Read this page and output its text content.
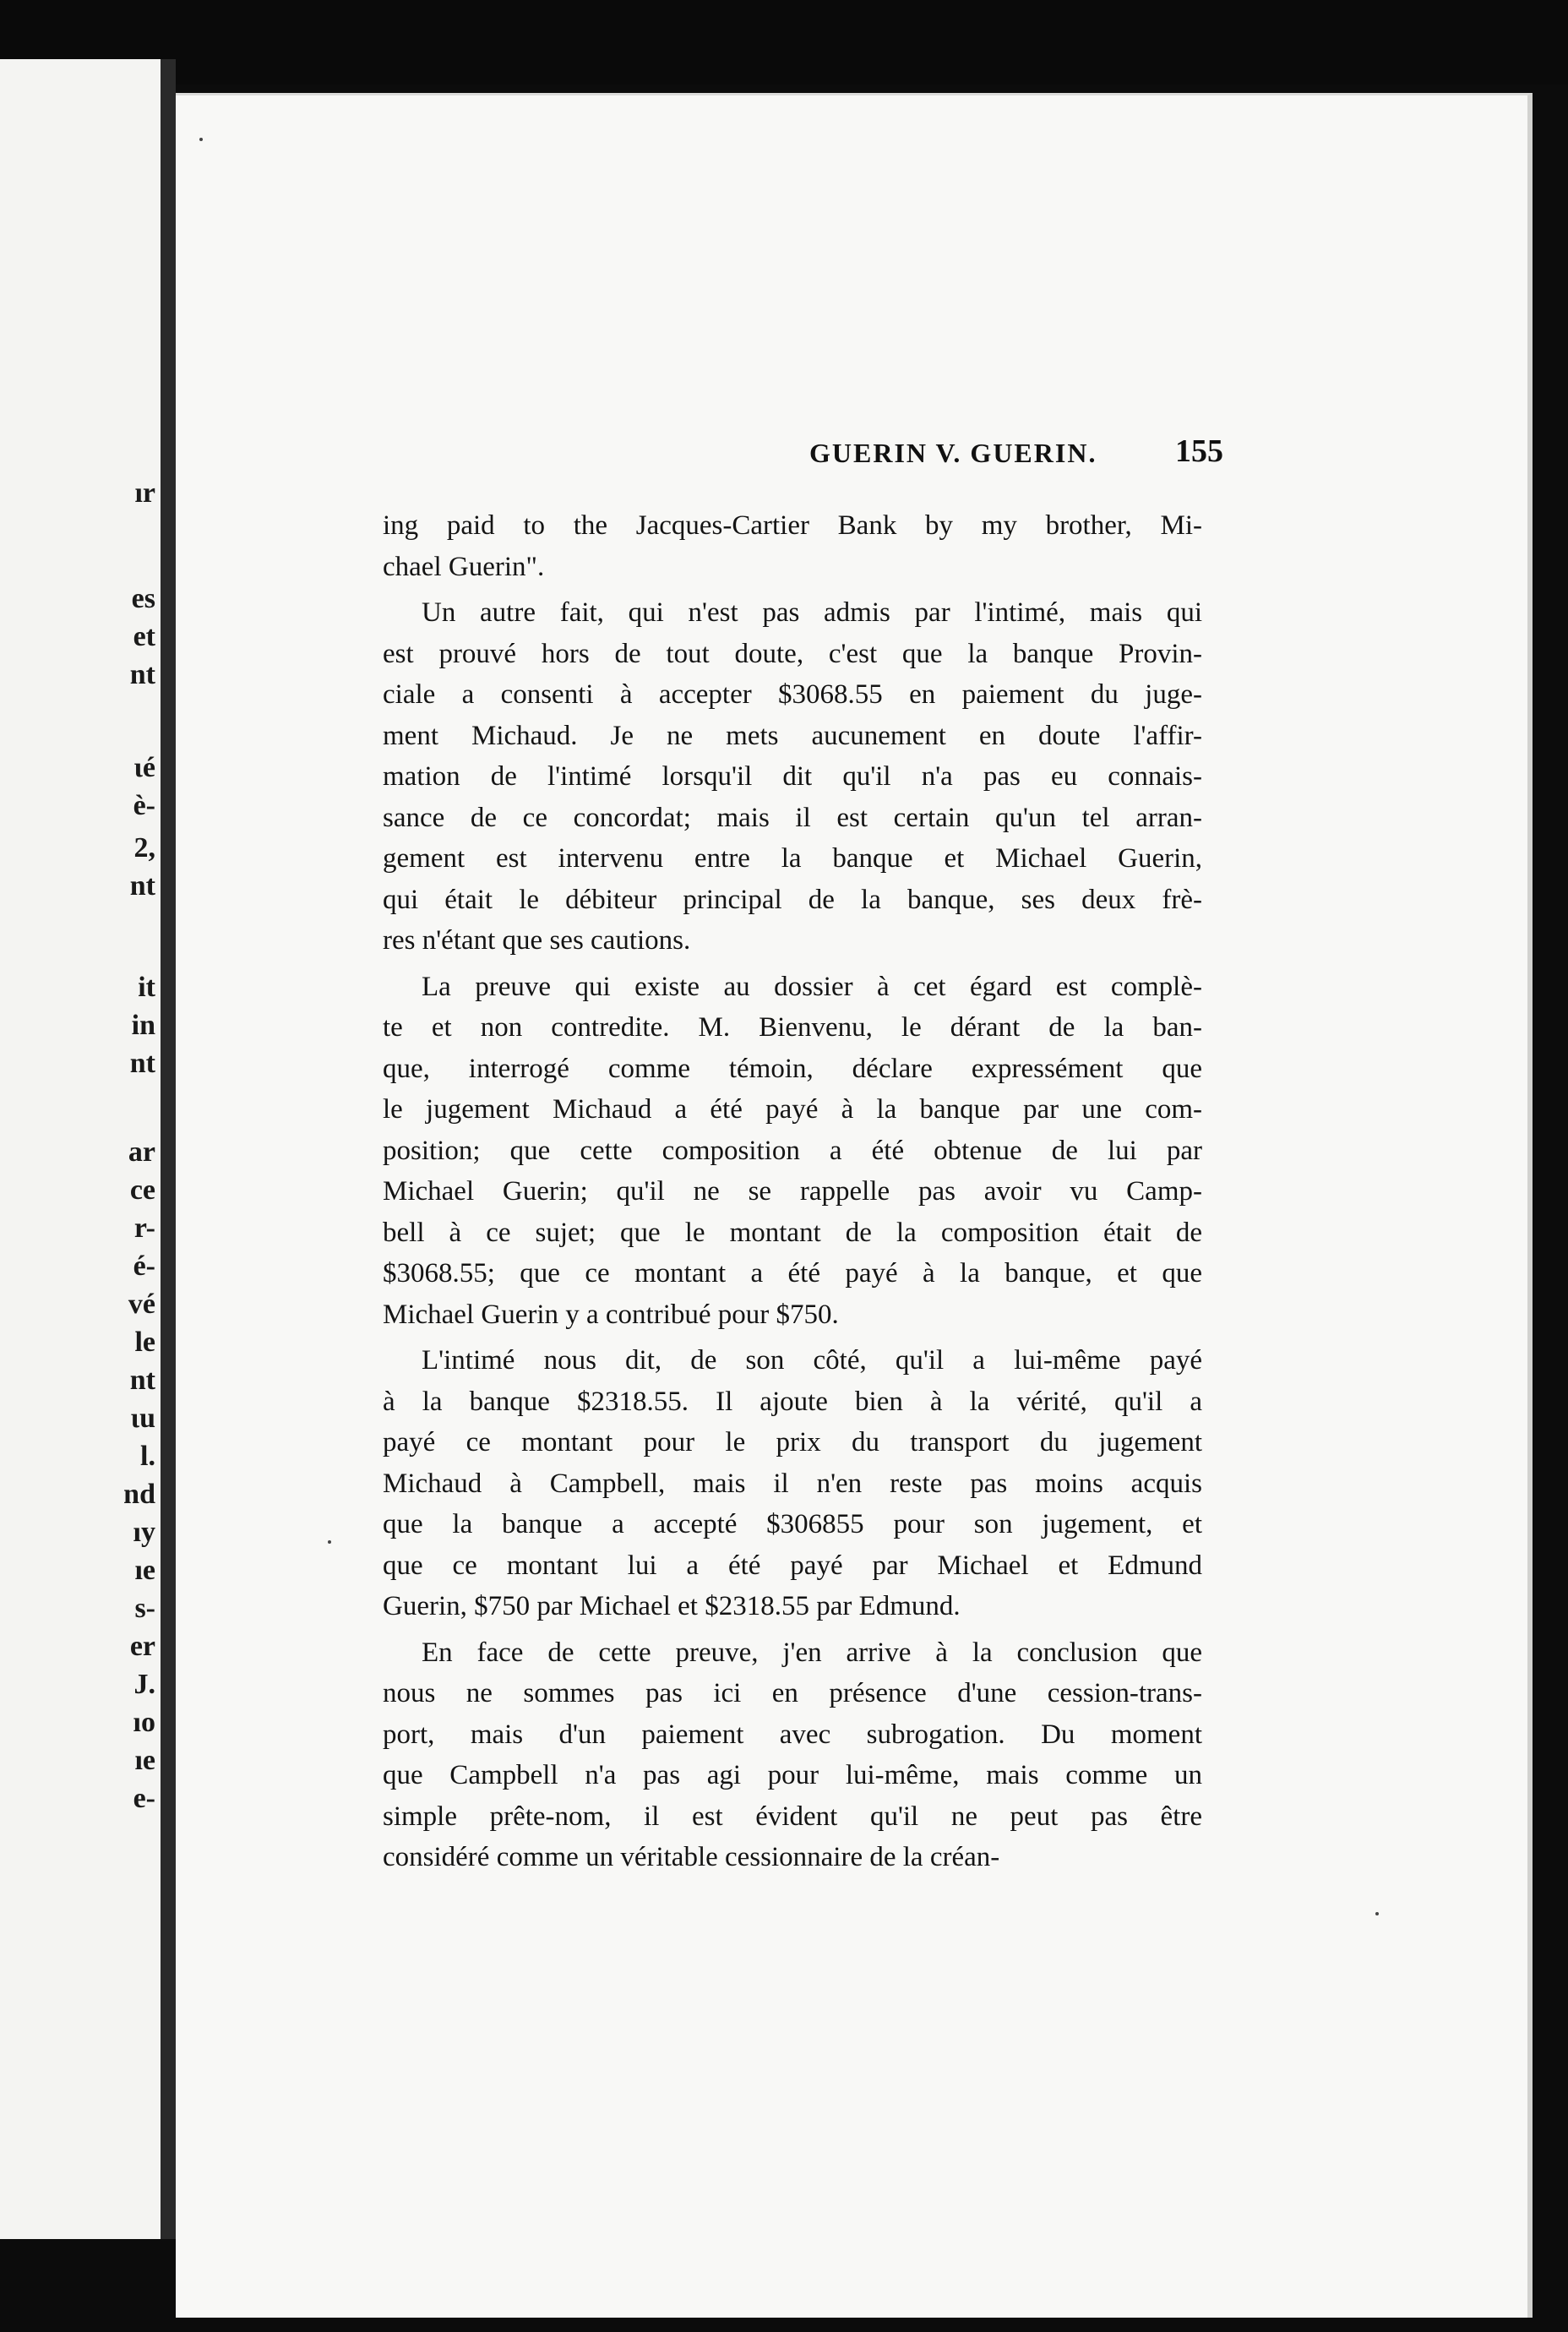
ır
es
et
nt
ιé
è-
2,
nt
it
in
nt
ar
ce
r-
é-
vé
le
nt
ιu
l.
nd
ıy
ıe
s-
er
J.
ıo
ıe
e-
GUERIN V. GUERIN. 155
ing paid to the Jacques-Cartier Bank by my brother, Mi-
chael Guerin".
Un autre fait, qui n'est pas admis par l'intimé, mais qui
est prouvé hors de tout doute, c'est que la banque Provin-
ciale a consenti à accepter $3068.55 en paiement du juge-
ment Michaud. Je ne mets aucunement en doute l'affir-
mation de l'intimé lorsqu'il dit qu'il n'a pas eu connais-
sance de ce concordat; mais il est certain qu'un tel arran-
gement est intervenu entre la banque et Michael Guerin,
qui était le débiteur principal de la banque, ses deux frè-
res n'étant que ses cautions.
La preuve qui existe au dossier à cet égard est complè-
te et non contredite. M. Bienvenu, le dérant de la ban-
que, interrogé comme témoin, déclare expressément que
le jugement Michaud a été payé à la banque par une com-
position; que cette composition a été obtenue de lui par
Michael Guerin; qu'il ne se rappelle pas avoir vu Camp-
bell à ce sujet; que le montant de la composition était de
$3068.55; que ce montant a été payé à la banque, et que
Michael Guerin y a contribué pour $750.
L'intimé nous dit, de son côté, qu'il a lui-même payé
à la banque $2318.55. Il ajoute bien à la vérité, qu'il a
payé ce montant pour le prix du transport du jugement
Michaud à Campbell, mais il n'en reste pas moins acquis
que la banque a accepté $306855 pour son jugement, et
que ce montant lui a été payé par Michael et Edmund
Guerin, $750 par Michael et $2318.55 par Edmund.
En face de cette preuve, j'en arrive à la conclusion que
nous ne sommes pas ici en présence d'une cession-trans-
port, mais d'un paiement avec subrogation. Du moment
que Campbell n'a pas agi pour lui-même, mais comme un
simple prête-nom, il est évident qu'il ne peut pas être
considéré comme un véritable cessionnaire de la créan-
